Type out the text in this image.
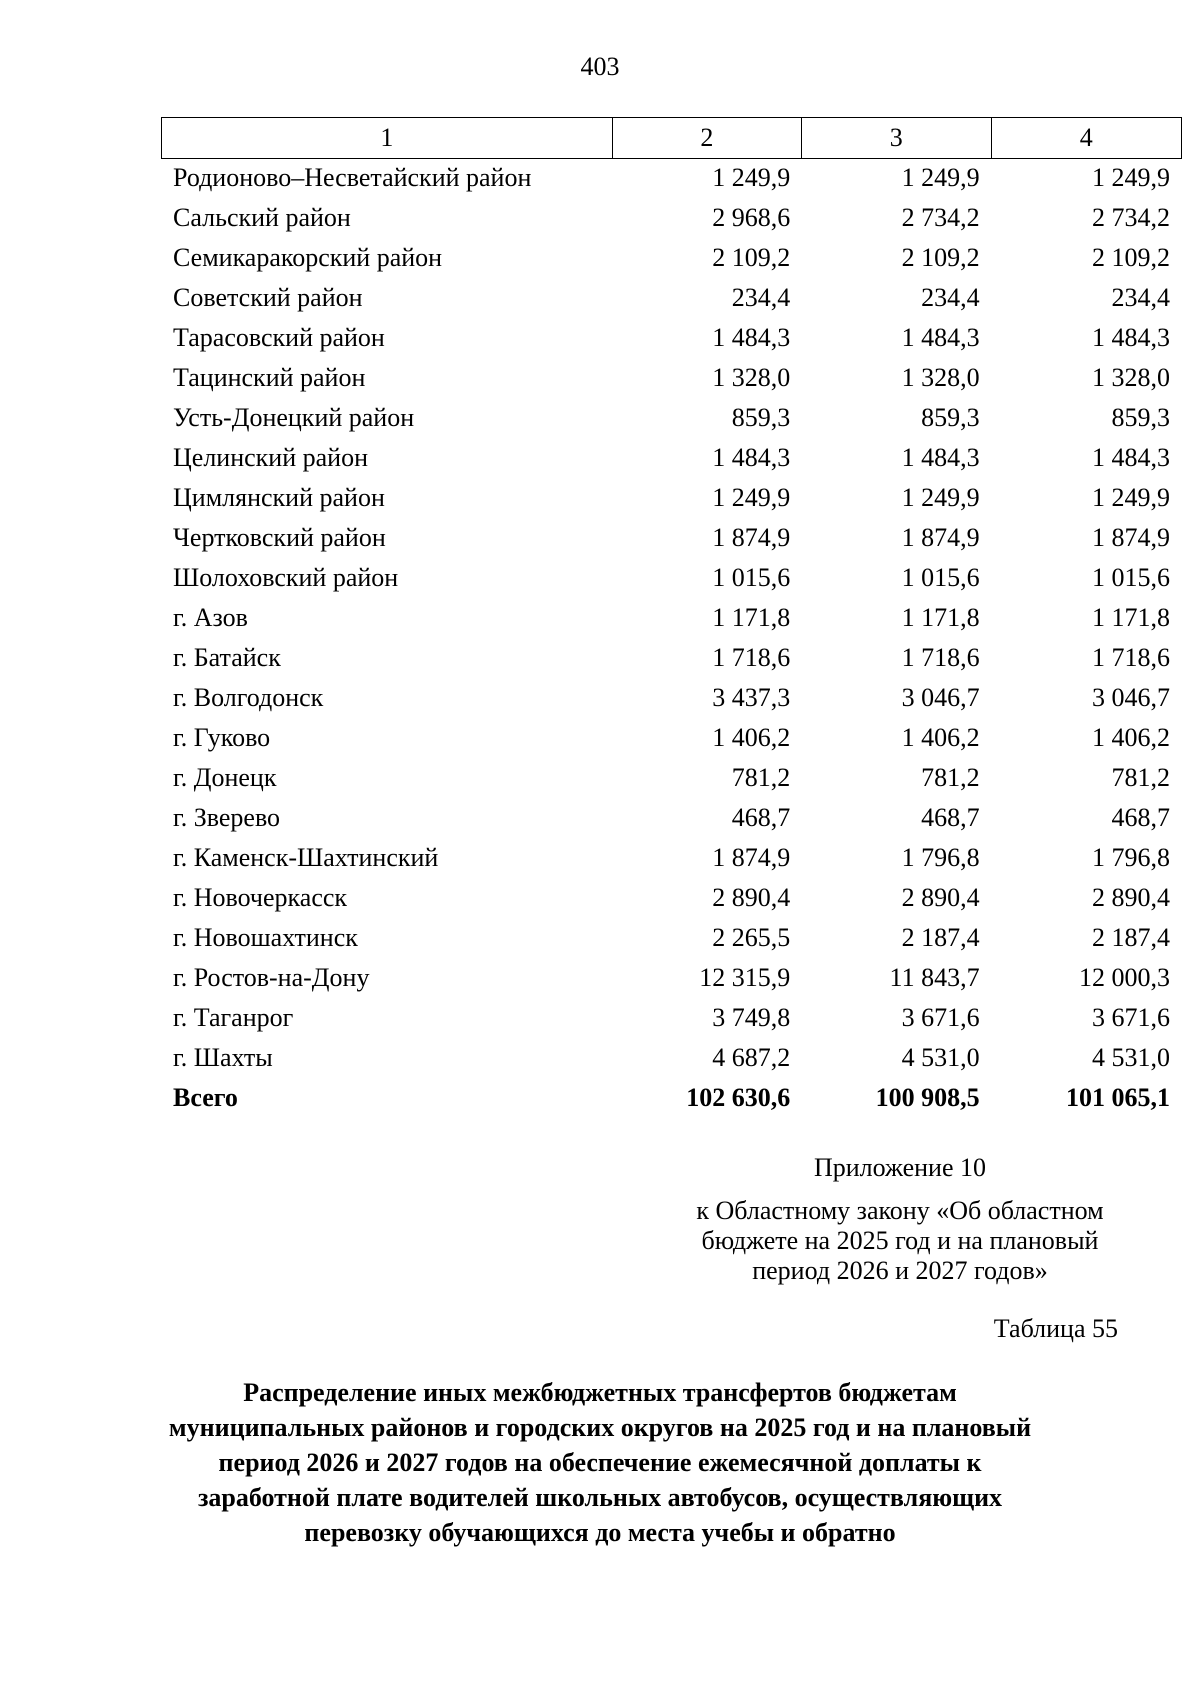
403
1	2	3	4
Родионово–Несветайский район	1 249,9	1 249,9	1 249,9
Сальский район	2 968,6	2 734,2	2 734,2
Семикаракорский район	2 109,2	2 109,2	2 109,2
Советский район	234,4	234,4	234,4
Тарасовский район	1 484,3	1 484,3	1 484,3
Тацинский район	1 328,0	1 328,0	1 328,0
Усть-Донецкий район	859,3	859,3	859,3
Целинский район	1 484,3	1 484,3	1 484,3
Цимлянский район	1 249,9	1 249,9	1 249,9
Чертковский район	1 874,9	1 874,9	1 874,9
Шолоховский район	1 015,6	1 015,6	1 015,6
г. Азов	1 171,8	1 171,8	1 171,8
г. Батайск	1 718,6	1 718,6	1 718,6
г. Волгодонск	3 437,3	3 046,7	3 046,7
г. Гуково	1 406,2	1 406,2	1 406,2
г. Донецк	781,2	781,2	781,2
г. Зверево	468,7	468,7	468,7
г. Каменск-Шахтинский	1 874,9	1 796,8	1 796,8
г. Новочеркасск	2 890,4	2 890,4	2 890,4
г. Новошахтинск	2 265,5	2 187,4	2 187,4
г. Ростов-на-Дону	12 315,9	11 843,7	12 000,3
г. Таганрог	3 749,8	3 671,6	3 671,6
г. Шахты	4 687,2	4 531,0	4 531,0
Всего	102 630,6	100 908,5	101 065,1
Приложение 10
к Областному закону «Об областном
бюджете на 2025 год и на плановый
период 2026 и 2027 годов»
Таблица 55
Распределение иных межбюджетных трансфертов бюджетам
муниципальных районов и городских округов на 2025 год и на плановый
период 2026 и 2027 годов на обеспечение ежемесячной доплаты к
заработной плате водителей школьных автобусов, осуществляющих
перевозку обучающихся до места учебы и обратно
